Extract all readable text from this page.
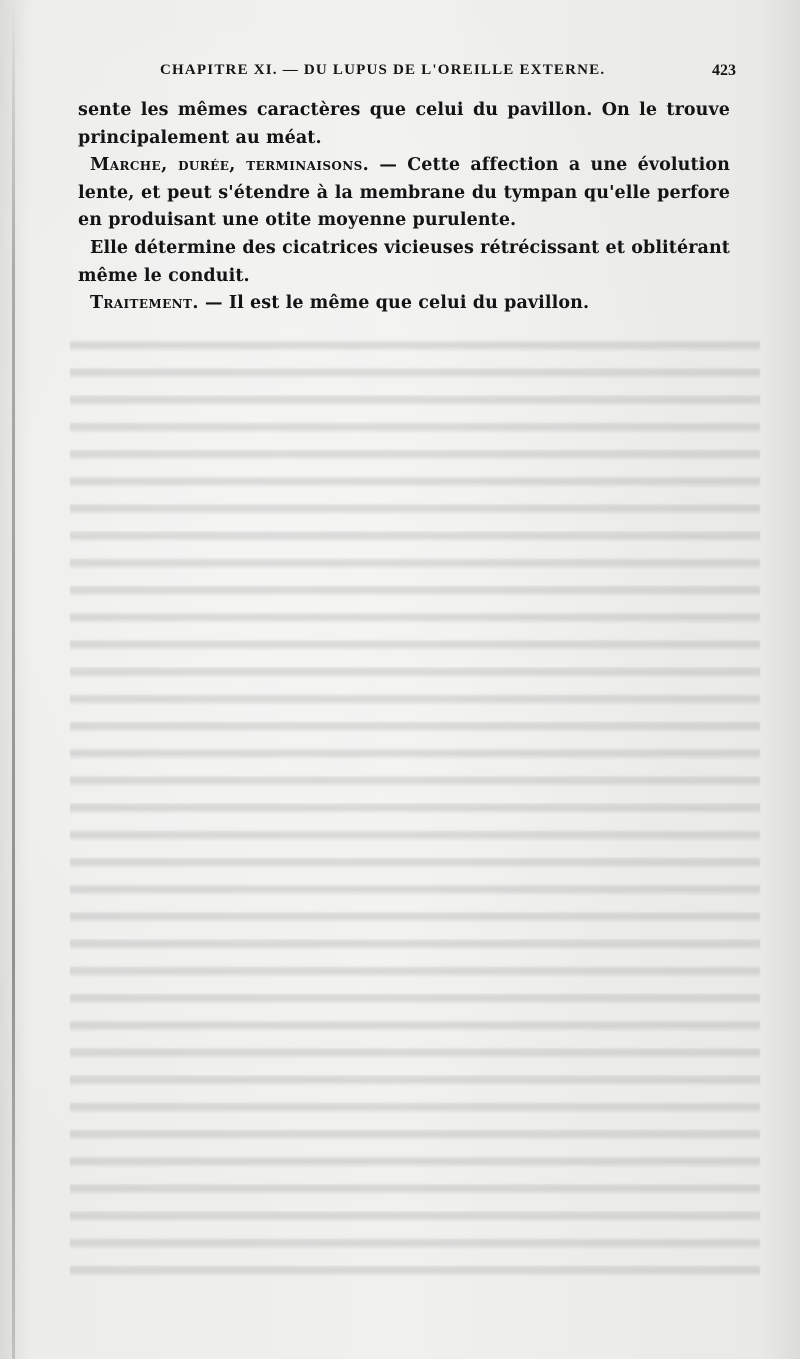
CHAPITRE XI. — DU LUPUS DE L'OREILLE EXTERNE.	423

sente les mêmes caractères que celui du pavillon. On le trouve principalement au méat.

Marche, durée, terminaisons. — Cette affection a une évolution lente, et peut s'étendre à la membrane du tympan qu'elle perfore en produisant une otite moyenne purulente.

Elle détermine des cicatrices vicieuses rétrécissant et oblitérant même le conduit.

Traitement. — Il est le même que celui du pavillon.
